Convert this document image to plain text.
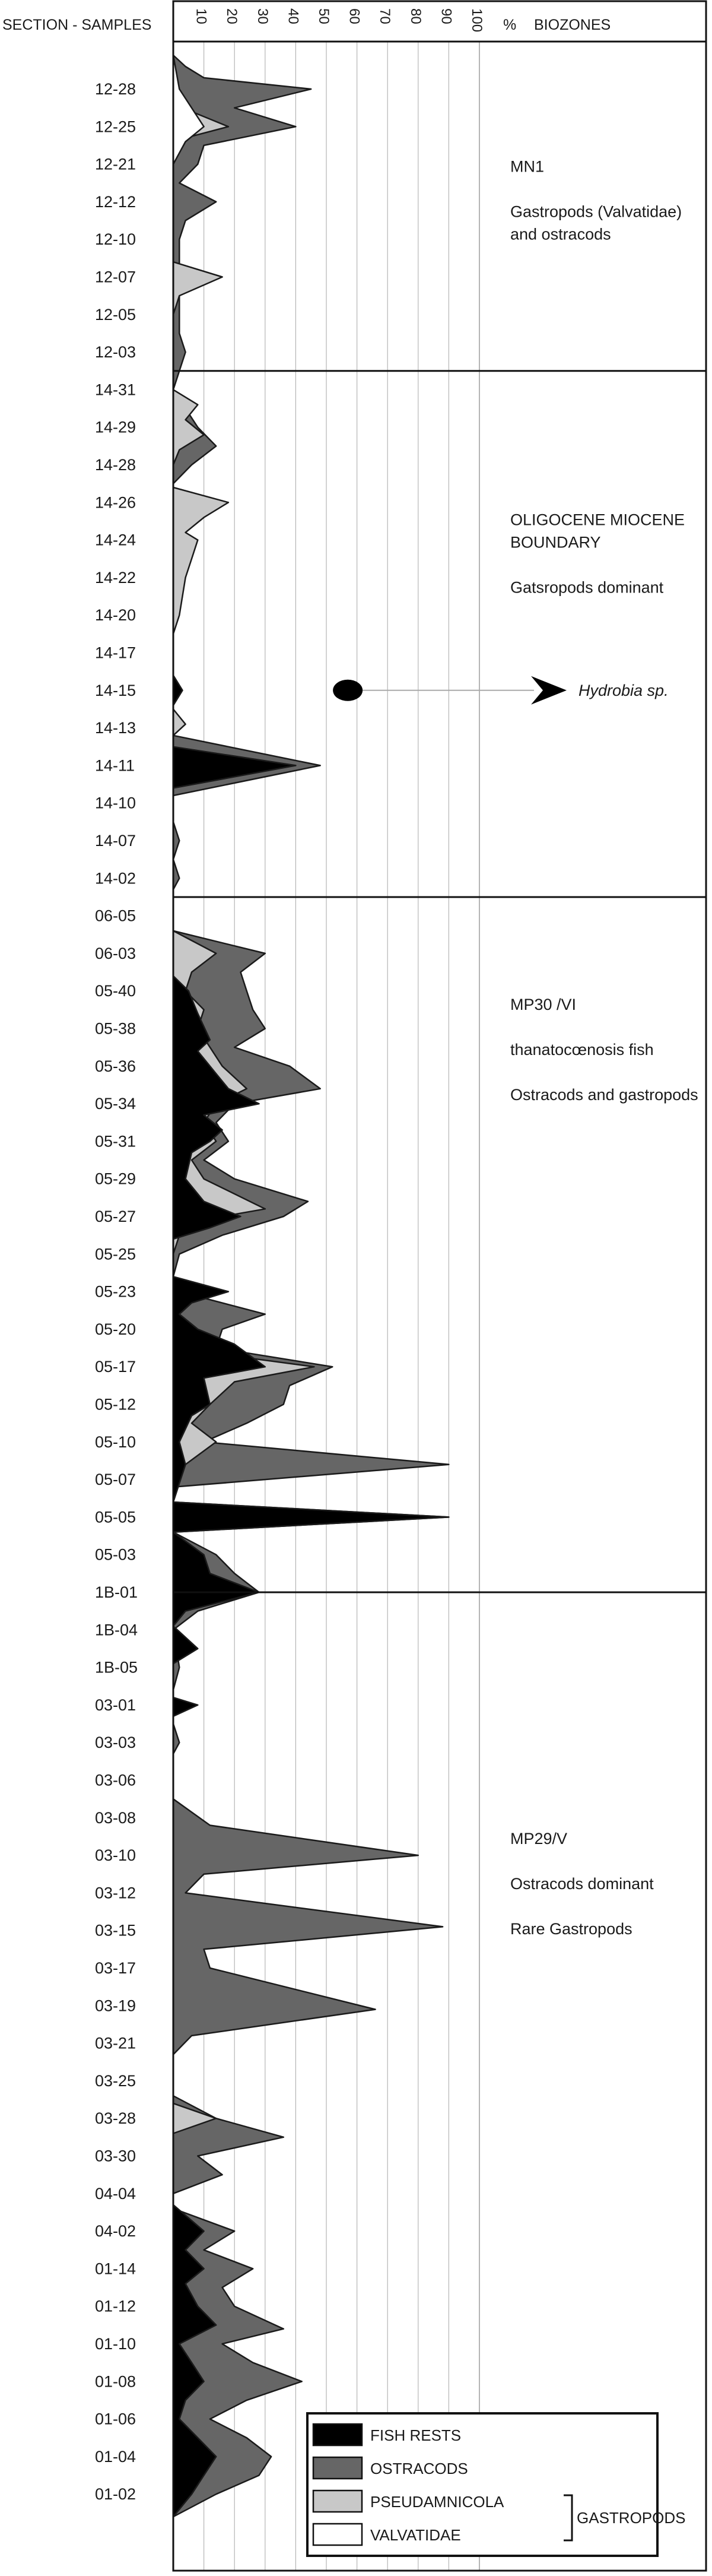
SECTION - SAMPLES	% BIOZONES
10 20 30 40 50 60 70 80 90 100
12-28
12-25
12-21
12-12
12-10
12-07
12-05
12-03
14-31
14-29
14-28
14-26
14-24
14-22
14-20
14-17
14-15
14-13
14-11
14-10
14-07
14-02
06-05
06-03
05-40
05-38
05-36
05-34
05-31
05-29
05-27
05-25
05-23
05-20
05-17
05-12
05-10
05-07
05-05
05-03
1B-01
1B-04
1B-05
03-01
03-03
03-06
03-08
03-10
03-12
03-15
03-17
03-19
03-21
03-25
03-28
03-30
04-04
04-02
01-14
01-12
01-10
01-08
01-06
01-04
01-02
MN1
Gastropods (Valvatidae)
and ostracods
OLIGOCENE MIOCENE
BOUNDARY
Gatsropods dominant
MP30 /VI
thanatocœnosis fish
Ostracods and gastropods
MP29/V
Ostracods dominant
Rare Gastropods
Hydrobia sp.
FISH RESTS
OSTRACODS
PSEUDAMNICOLA
VALVATIDAE
GASTROPODS
